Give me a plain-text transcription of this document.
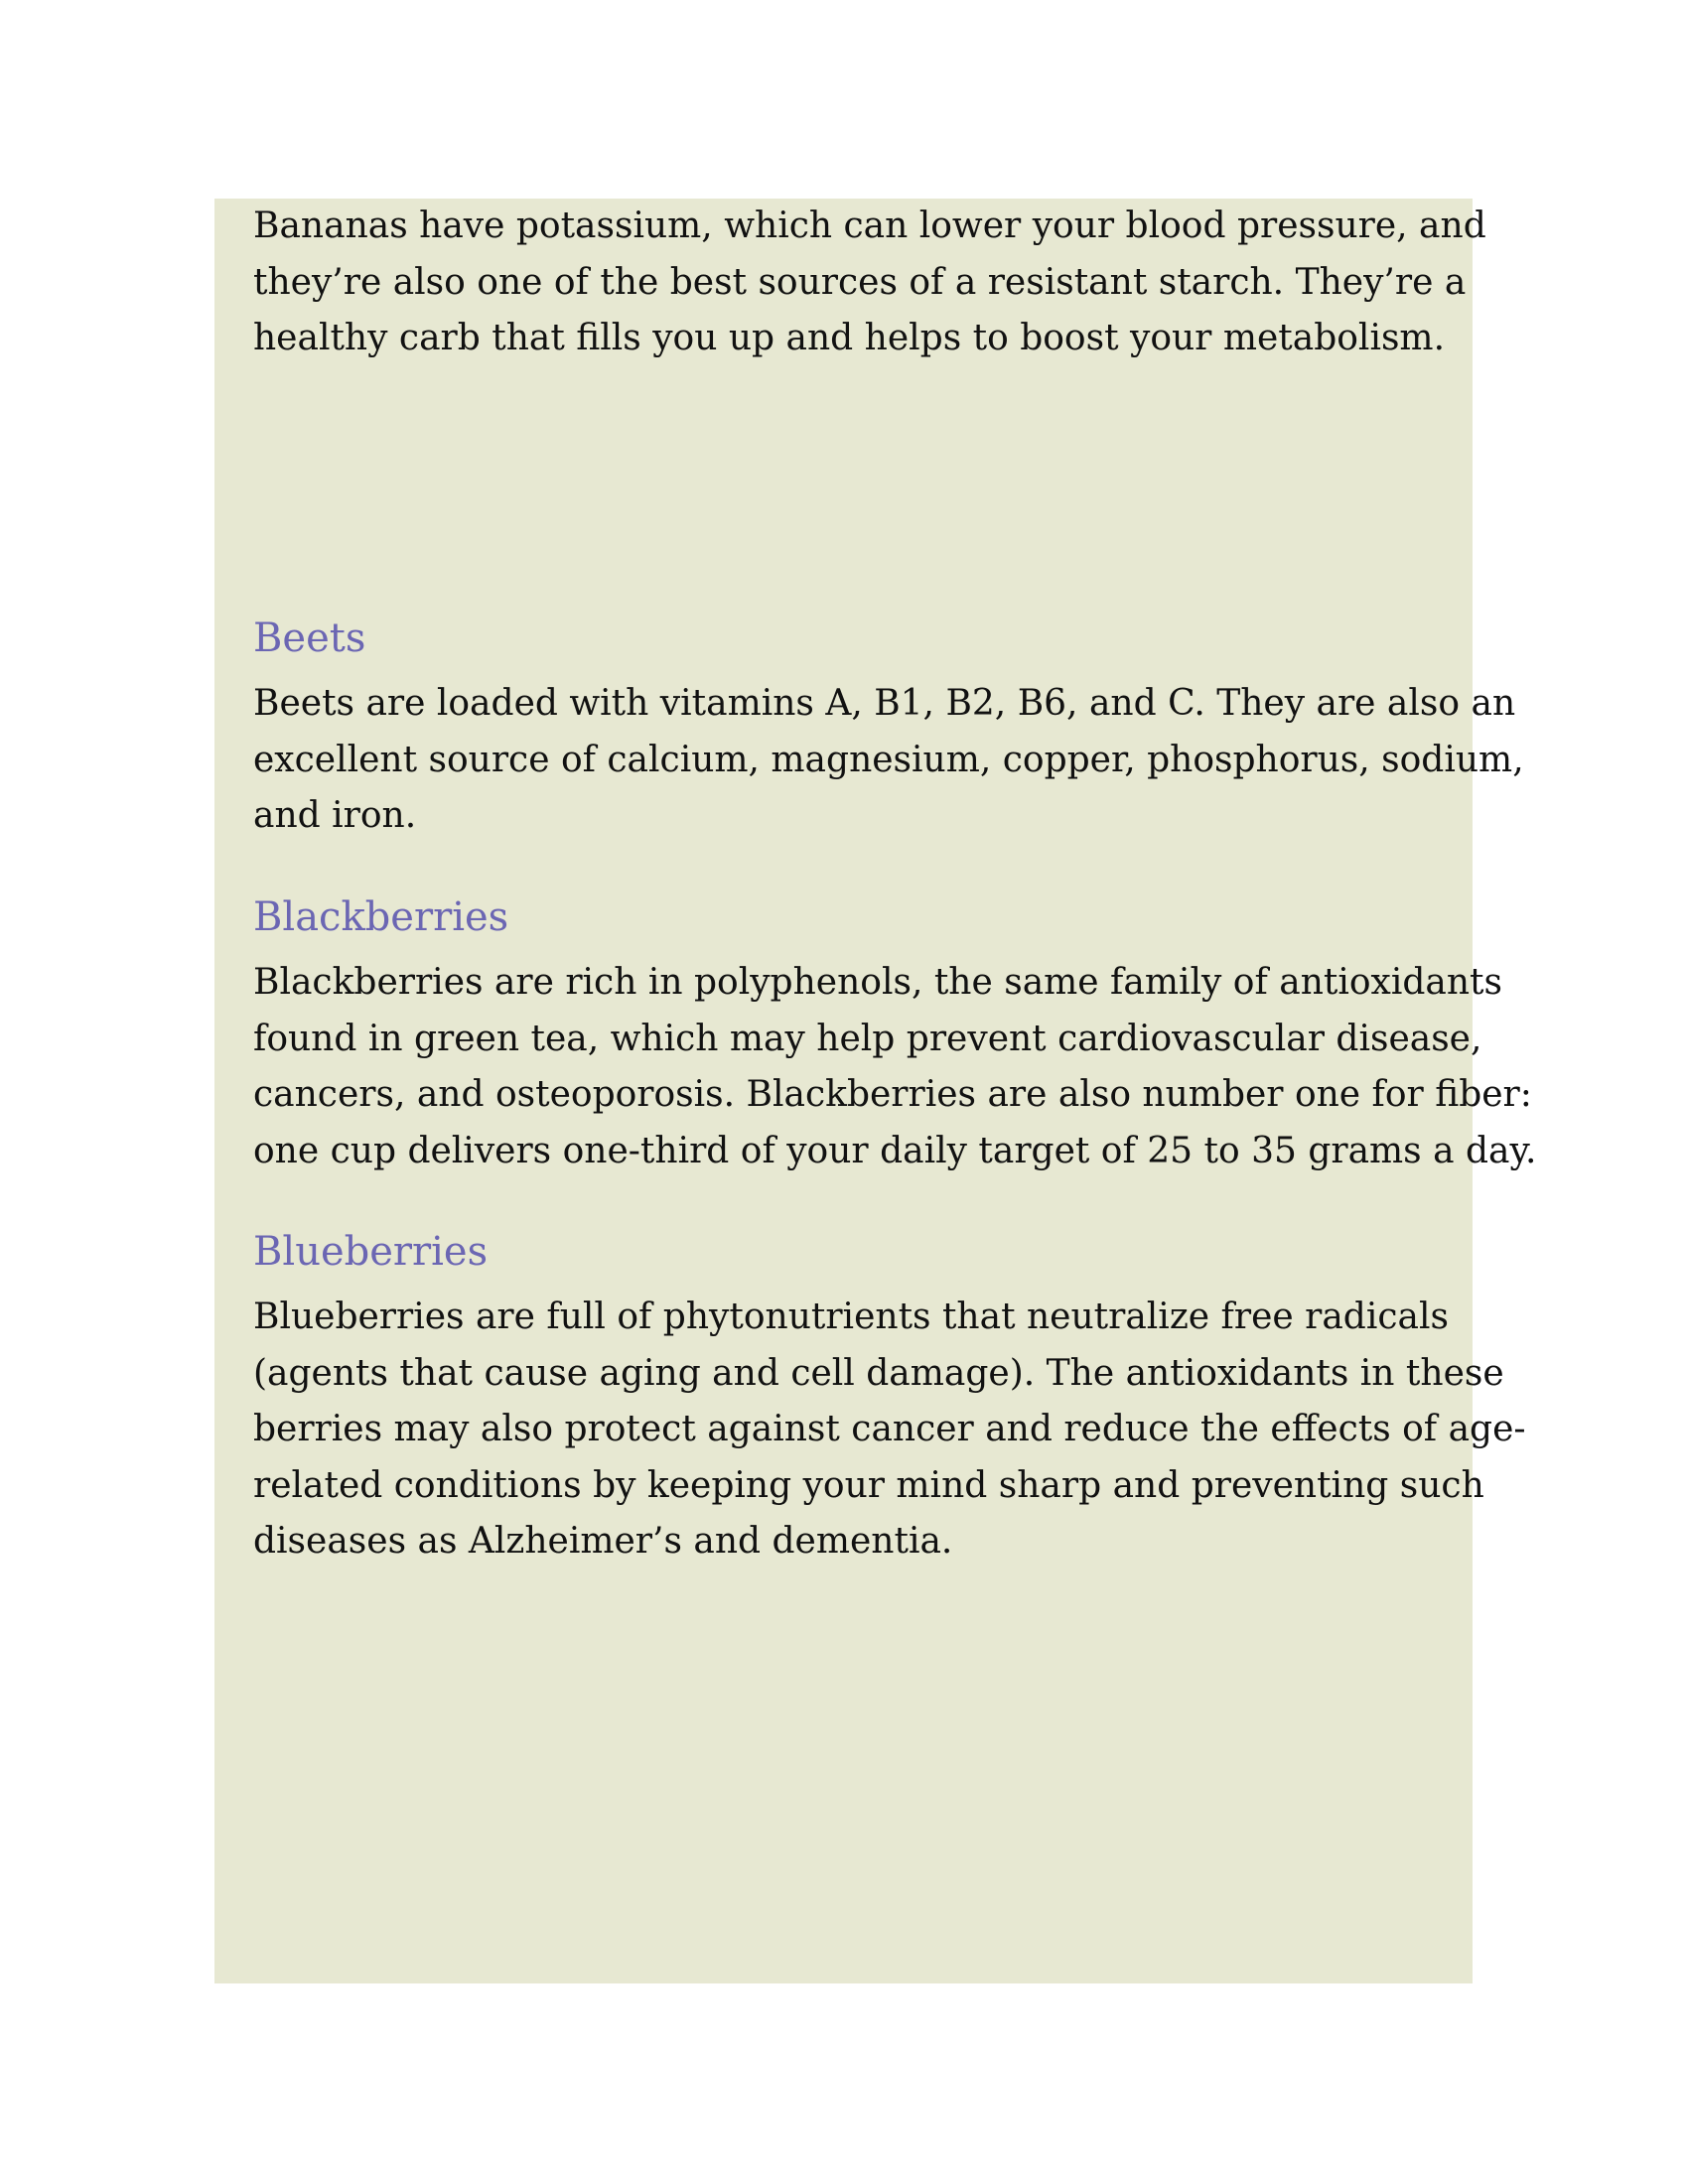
Bananas have potassium, which can lower your blood pressure, and
they’re also one of the best sources of a resistant starch. They’re a
healthy carb that fills you up and helps to boost your metabolism.

Beets

Beets are loaded with vitamins A, B1, B2, B6, and C. They are also an
excellent source of calcium, magnesium, copper, phosphorus, sodium,
and iron.

Blackberries

Blackberries are rich in polyphenols, the same family of antioxidants
found in green tea, which may help prevent cardiovascular disease,
cancers, and osteoporosis. Blackberries are also number one for fiber:
one cup delivers one-third of your daily target of 25 to 35 grams a day.

Blueberries

Blueberries are full of phytonutrients that neutralize free radicals
(agents that cause aging and cell damage). The antioxidants in these
berries may also protect against cancer and reduce the effects of age-
related conditions by keeping your mind sharp and preventing such
diseases as Alzheimer’s and dementia.
